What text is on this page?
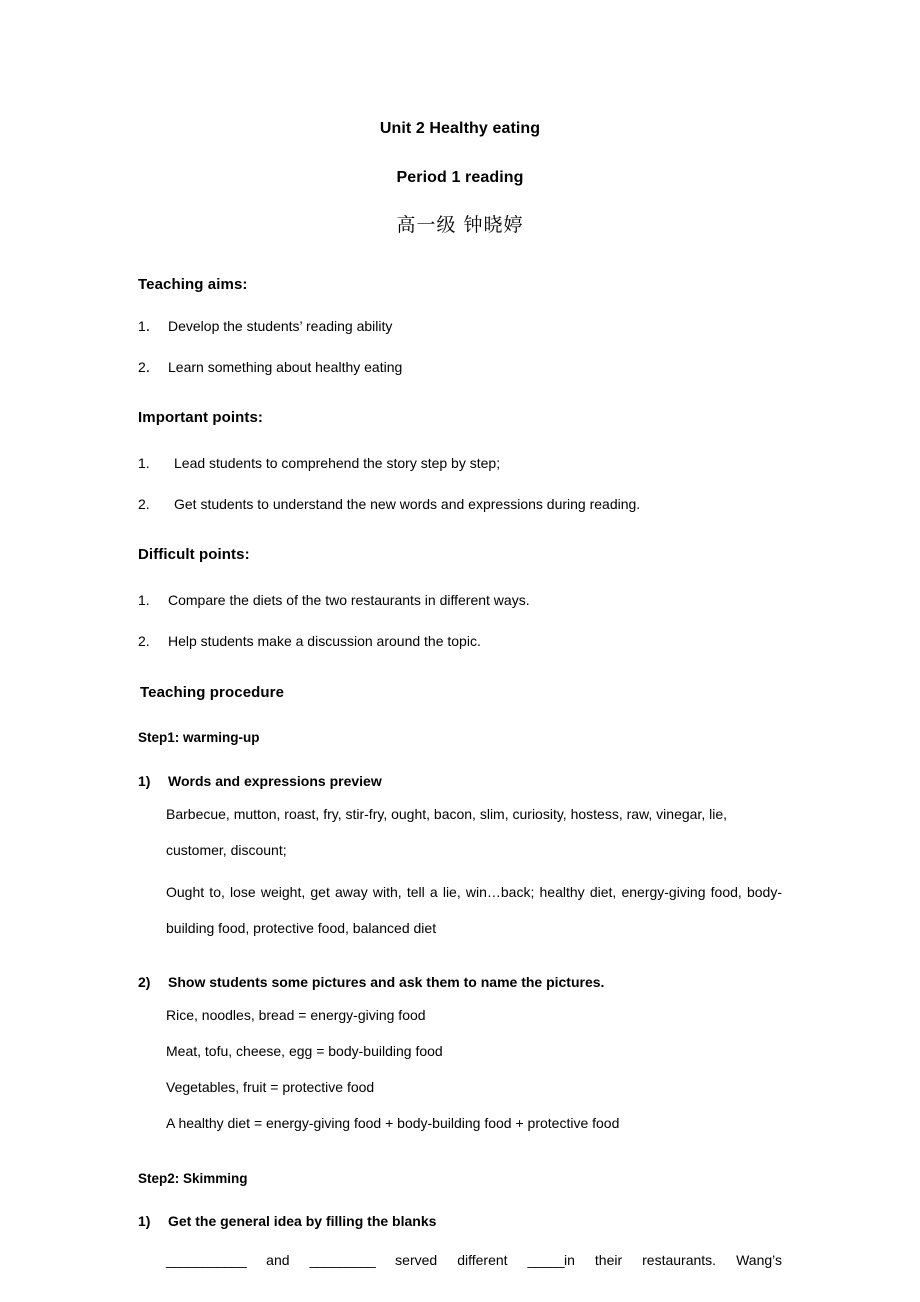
Unit 2 Healthy eating
Period 1 reading
高一级 钟晓婷
Teaching aims:
1． Develop the students’ reading ability
2． Learn something about healthy eating
Important points:
1.	Lead students to comprehend the story step by step;
2.	Get students to understand the new words and expressions during reading.
Difficult points:
1.	Compare the diets of the two restaurants in different ways.
2.	Help students make a discussion around the topic.
Teaching procedure
Step1: warming-up
1)	Words and expressions preview
Barbecue, mutton, roast, fry, stir-fry, ought, bacon, slim, curiosity, hostess, raw, vinegar, lie, customer, discount;
Ought to, lose weight, get away with, tell a lie, win…back; healthy diet, energy-giving food, body-building food, protective food, balanced diet
2)	Show students some pictures and ask them to name the pictures.
Rice, noodles, bread = energy-giving food
Meat, tofu, cheese, egg = body-building food
Vegetables, fruit = protective food
A healthy diet = energy-giving food + body-building food + protective food
Step2: Skimming
1)	Get the general idea by filling the blanks
___________ and _________ served different _____in their restaurants. Wang’s
